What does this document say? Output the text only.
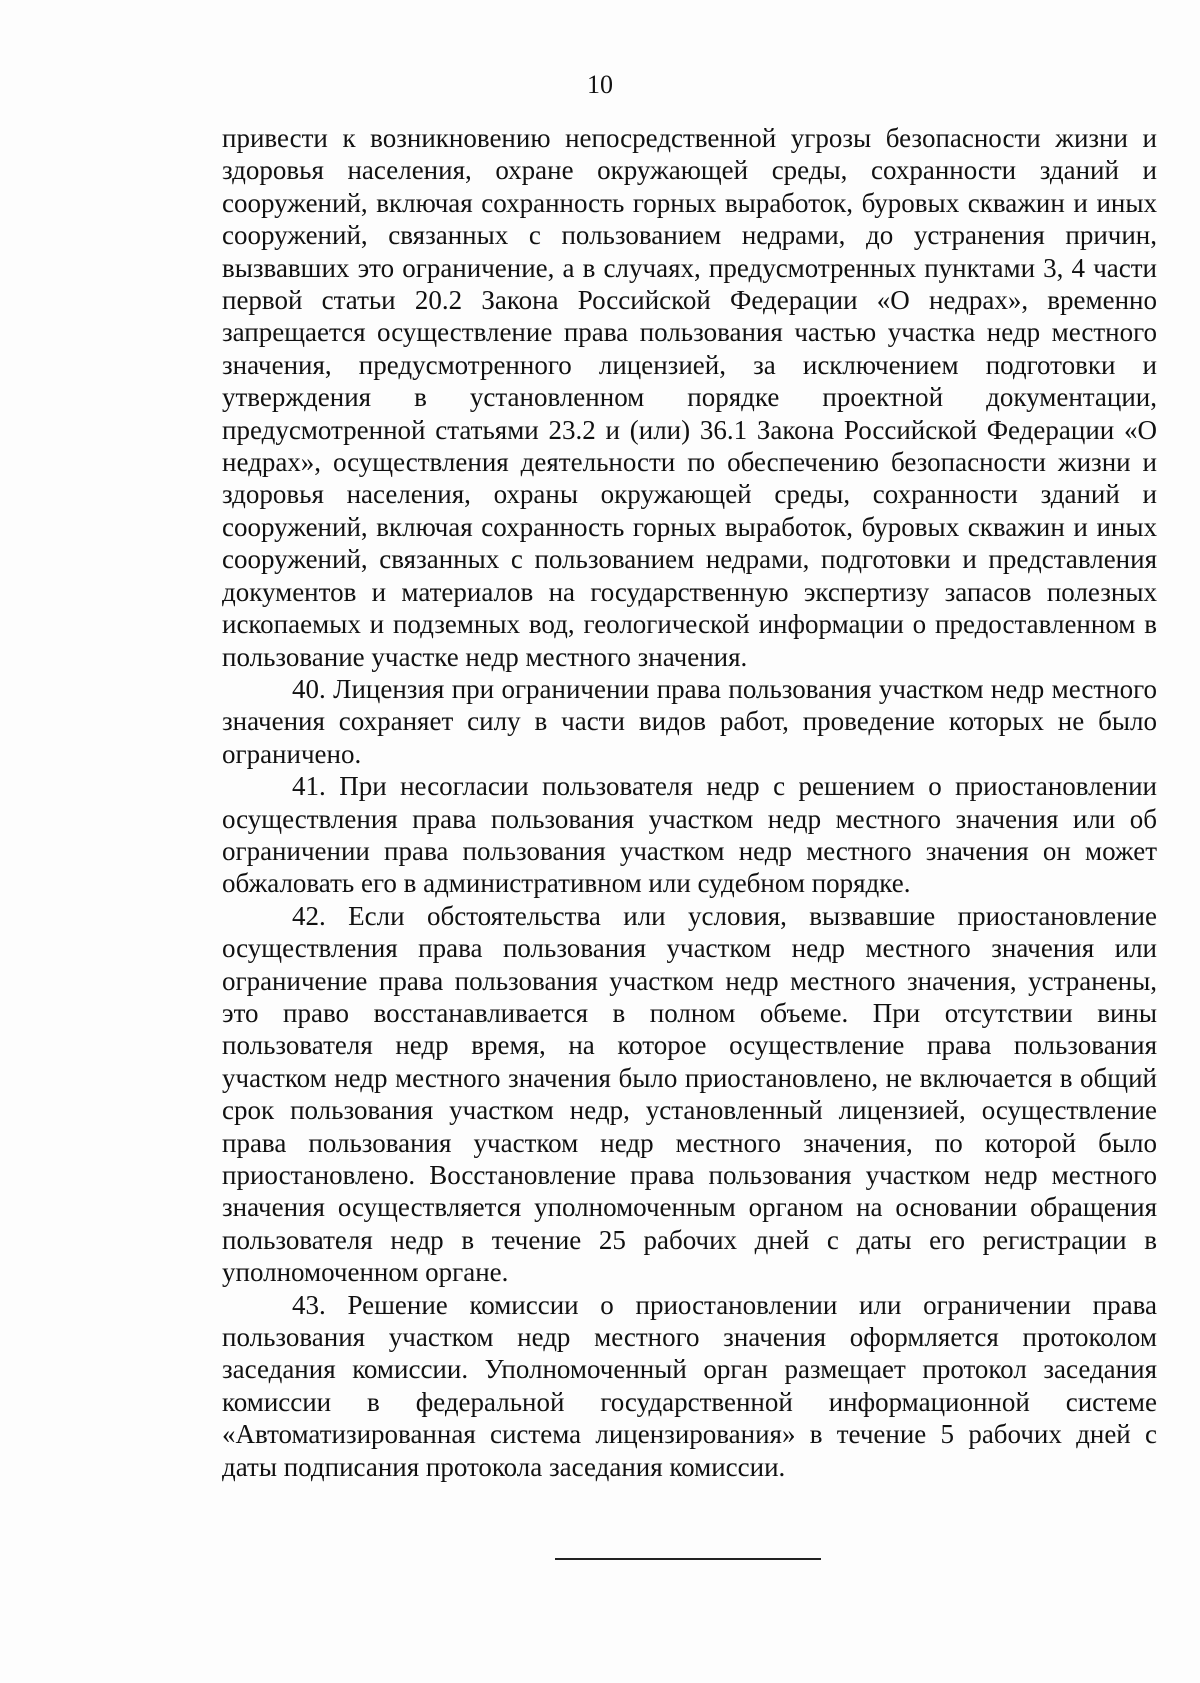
10

привести к возникновению непосредственной угрозы безопасности жизни и здоровья населения, охране окружающей среды, сохранности зданий и сооружений, включая сохранность горных выработок, буровых скважин и иных сооружений, связанных с пользованием недрами, до устранения причин, вызвавших это ограничение, а в случаях, предусмотренных пунктами 3, 4 части первой статьи 20.2 Закона Российской Федерации «О недрах», временно запрещается осуществление права пользования частью участка недр местного значения, предусмотренного лицензией, за исключением подготовки и утверждения в установленном порядке проектной документации, предусмотренной статьями 23.2 и (или) 36.1 Закона Российской Федерации «О недрах», осуществления деятельности по обеспечению безопасности жизни и здоровья населения, охраны окружающей среды, сохранности зданий и сооружений, включая сохранность горных выработок, буровых скважин и иных сооружений, связанных с пользованием недрами, подготовки и представления документов и материалов на государственную экспертизу запасов полезных ископаемых и подземных вод, геологической информации о предоставленном в пользование участке недр местного значения.

40. Лицензия при ограничении права пользования участком недр местного значения сохраняет силу в части видов работ, проведение которых не было ограничено.

41. При несогласии пользователя недр с решением о приостановлении осуществления права пользования участком недр местного значения или об ограничении права пользования участком недр местного значения он может обжаловать его в административном или судебном порядке.

42. Если обстоятельства или условия, вызвавшие приостановление осуществления права пользования участком недр местного значения или ограничение права пользования участком недр местного значения, устранены, это право восстанавливается в полном объеме. При отсутствии вины пользователя недр время, на которое осуществление права пользования участком недр местного значения было приостановлено, не включается в общий срок пользования участком недр, установленный лицензией, осуществление права пользования участком недр местного значения, по которой было приостановлено. Восстановление права пользования участком недр местного значения осуществляется уполномоченным органом на основании обращения пользователя недр в течение 25 рабочих дней с даты его регистрации в уполномоченном органе.

43. Решение комиссии о приостановлении или ограничении права пользования участком недр местного значения оформляется протоколом заседания комиссии. Уполномоченный орган размещает протокол заседания комиссии в федеральной государственной информационной системе «Автоматизированная система лицензирования» в течение 5 рабочих дней с даты подписания протокола заседания комиссии.
